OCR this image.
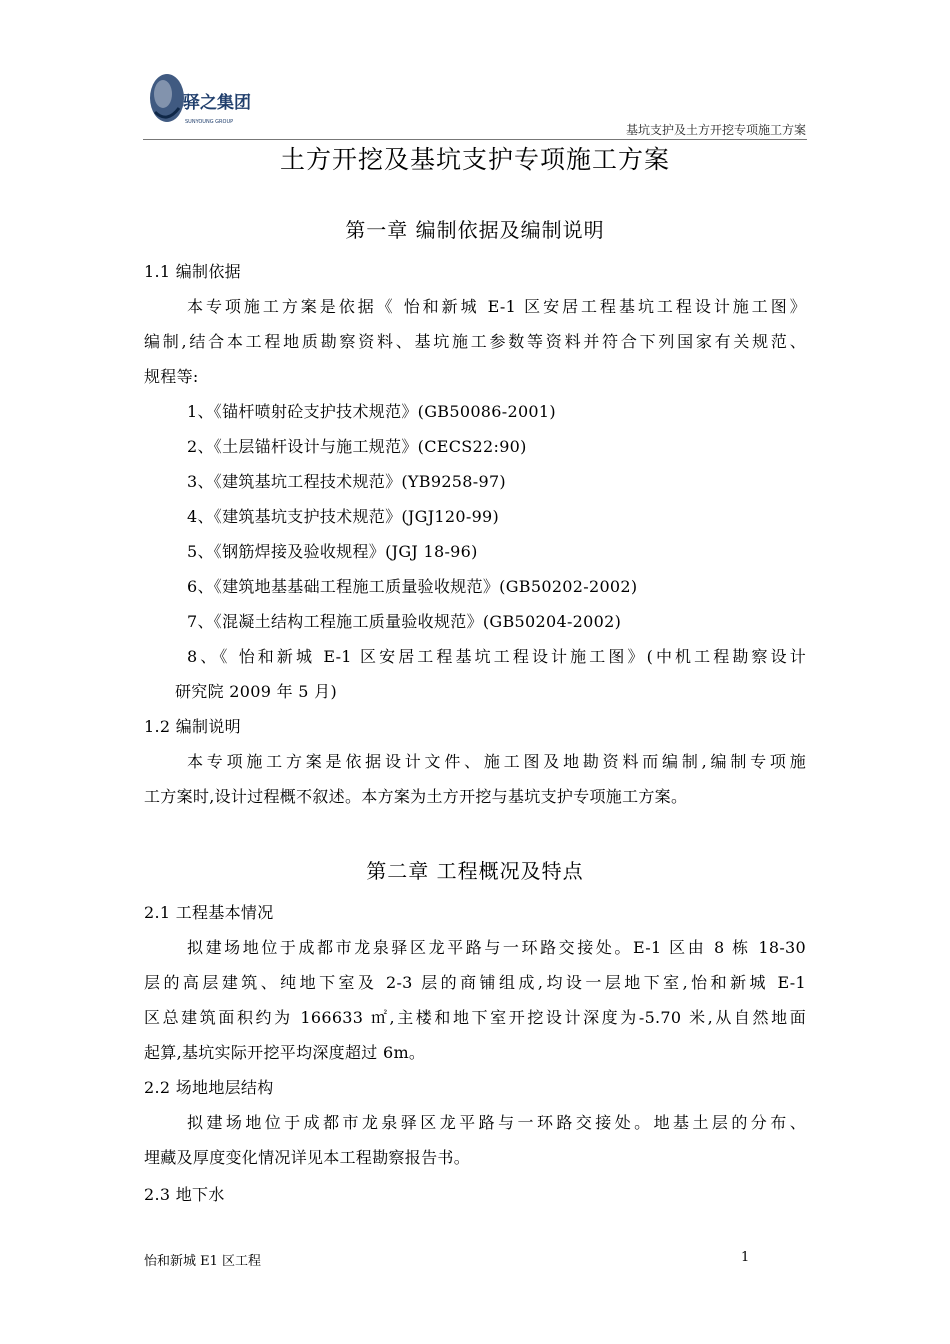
驿之集团
SUNYOUNG GROUP
基坑支护及土方开挖专项施工方案
土方开挖及基坑支护专项施工方案
第一章 编制依据及编制说明
1.1 编制依据
本专项施工方案是依据《 怡和新城 E-1 区安居工程基坑工程设计施工图》
编制,结合本工程地质勘察资料、基坑施工参数等资料并符合下列国家有关规范、
规程等:
1、《锚杆喷射砼支护技术规范》(GB50086-2001)
2、《土层锚杆设计与施工规范》(CECS22:90)
3、《建筑基坑工程技术规范》(YB9258-97)
4、《建筑基坑支护技术规范》(JGJ120-99)
5、《钢筋焊接及验收规程》(JGJ 18-96)
6、《建筑地基基础工程施工质量验收规范》(GB50202-2002)
7、《混凝土结构工程施工质量验收规范》(GB50204-2002)
8、《 怡和新城 E-1 区安居工程基坑工程设计施工图》(中机工程勘察设计
研究院 2009 年 5 月)
1.2 编制说明
本专项施工方案是依据设计文件、施工图及地勘资料而编制,编制专项施
工方案时,设计过程概不叙述。本方案为土方开挖与基坑支护专项施工方案。
第二章 工程概况及特点
2.1 工程基本情况
拟建场地位于成都市龙泉驿区龙平路与一环路交接处。E-1 区由 8 栋 18-30
层的高层建筑、纯地下室及 2-3 层的商铺组成,均设一层地下室,怡和新城 E-1
区总建筑面积约为 166633 ㎡,主楼和地下室开挖设计深度为-5.70 米,从自然地面
起算,基坑实际开挖平均深度超过 6m。
2.2 场地地层结构
拟建场地位于成都市龙泉驿区龙平路与一环路交接处。地基土层的分布、
埋藏及厚度变化情况详见本工程勘察报告书。
2.3 地下水
怡和新城 E1 区工程	1
